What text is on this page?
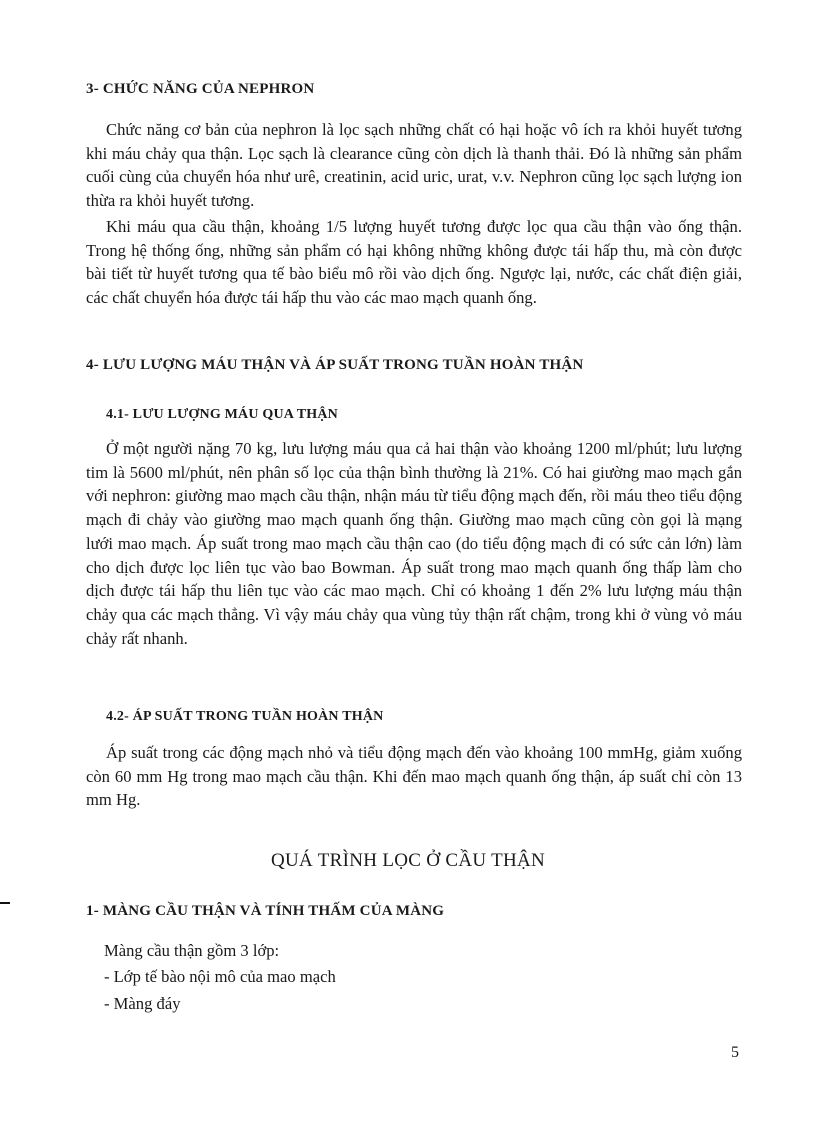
3- CHỨC NĂNG CỦA NEPHRON

Chức năng cơ bản của nephron là lọc sạch những chất có hại hoặc vô ích ra khỏi huyết tương khi máu chảy qua thận. Lọc sạch là clearance cũng còn dịch là thanh thải. Đó là những sản phẩm cuối cùng của chuyển hóa như urê, creatinin, acid uric, urat, v.v. Nephron cũng lọc sạch lượng ion thừa ra khỏi huyết tương.

Khi máu qua cầu thận, khoảng 1/5 lượng huyết tương được lọc qua cầu thận vào ống thận. Trong hệ thống ống, những sản phẩm có hại không những không được tái hấp thu, mà còn được bài tiết từ huyết tương qua tế bào biểu mô rồi vào dịch ống. Ngược lại, nước, các chất điện giải, các chất chuyển hóa được tái hấp thu vào các mao mạch quanh ống.

4- LƯU LƯỢNG MÁU THẬN VÀ ÁP SUẤT TRONG TUẦN HOÀN THẬN
4.1- LƯU LƯỢNG MÁU QUA THẬN

Ở một người nặng 70 kg, lưu lượng máu qua cả hai thận vào khoảng 1200 ml/phút; lưu lượng tim là 5600 ml/phút, nên phân số lọc của thận bình thường là 21%. Có hai giường mao mạch gắn với nephron: giường mao mạch cầu thận, nhận máu từ tiểu động mạch đến, rồi máu theo tiểu động mạch đi chảy vào giường mao mạch quanh ống thận. Giường mao mạch cũng còn gọi là mạng lưới mao mạch. Áp suất trong mao mạch cầu thận cao (do tiểu động mạch đi có sức cản lớn) làm cho dịch được lọc liên tục vào bao Bowman. Áp suất trong mao mạch quanh ống thấp làm cho dịch được tái hấp thu liên tục vào các mao mạch. Chỉ có khoảng 1 đến 2% lưu lượng máu thận chảy qua các mạch thẳng. Vì vậy máu chảy qua vùng tủy thận rất chậm, trong khi ở vùng vỏ máu chảy rất nhanh.

4.2- ÁP SUẤT TRONG TUẦN HOÀN THẬN

Áp suất trong các động mạch nhỏ và tiểu động mạch đến vào khoảng 100 mmHg, giảm xuống còn 60 mm Hg trong mao mạch cầu thận. Khi đến mao mạch quanh ống thận, áp suất chỉ còn 13 mm Hg.

QUÁ TRÌNH LỌC Ở CẦU THẬN
1- MÀNG CẦU THẬN VÀ TÍNH THẤM CỦA MÀNG

Màng cầu thận gồm 3 lớp:

- Lớp tế bào nội mô của mao mạch

- Màng đáy

5
